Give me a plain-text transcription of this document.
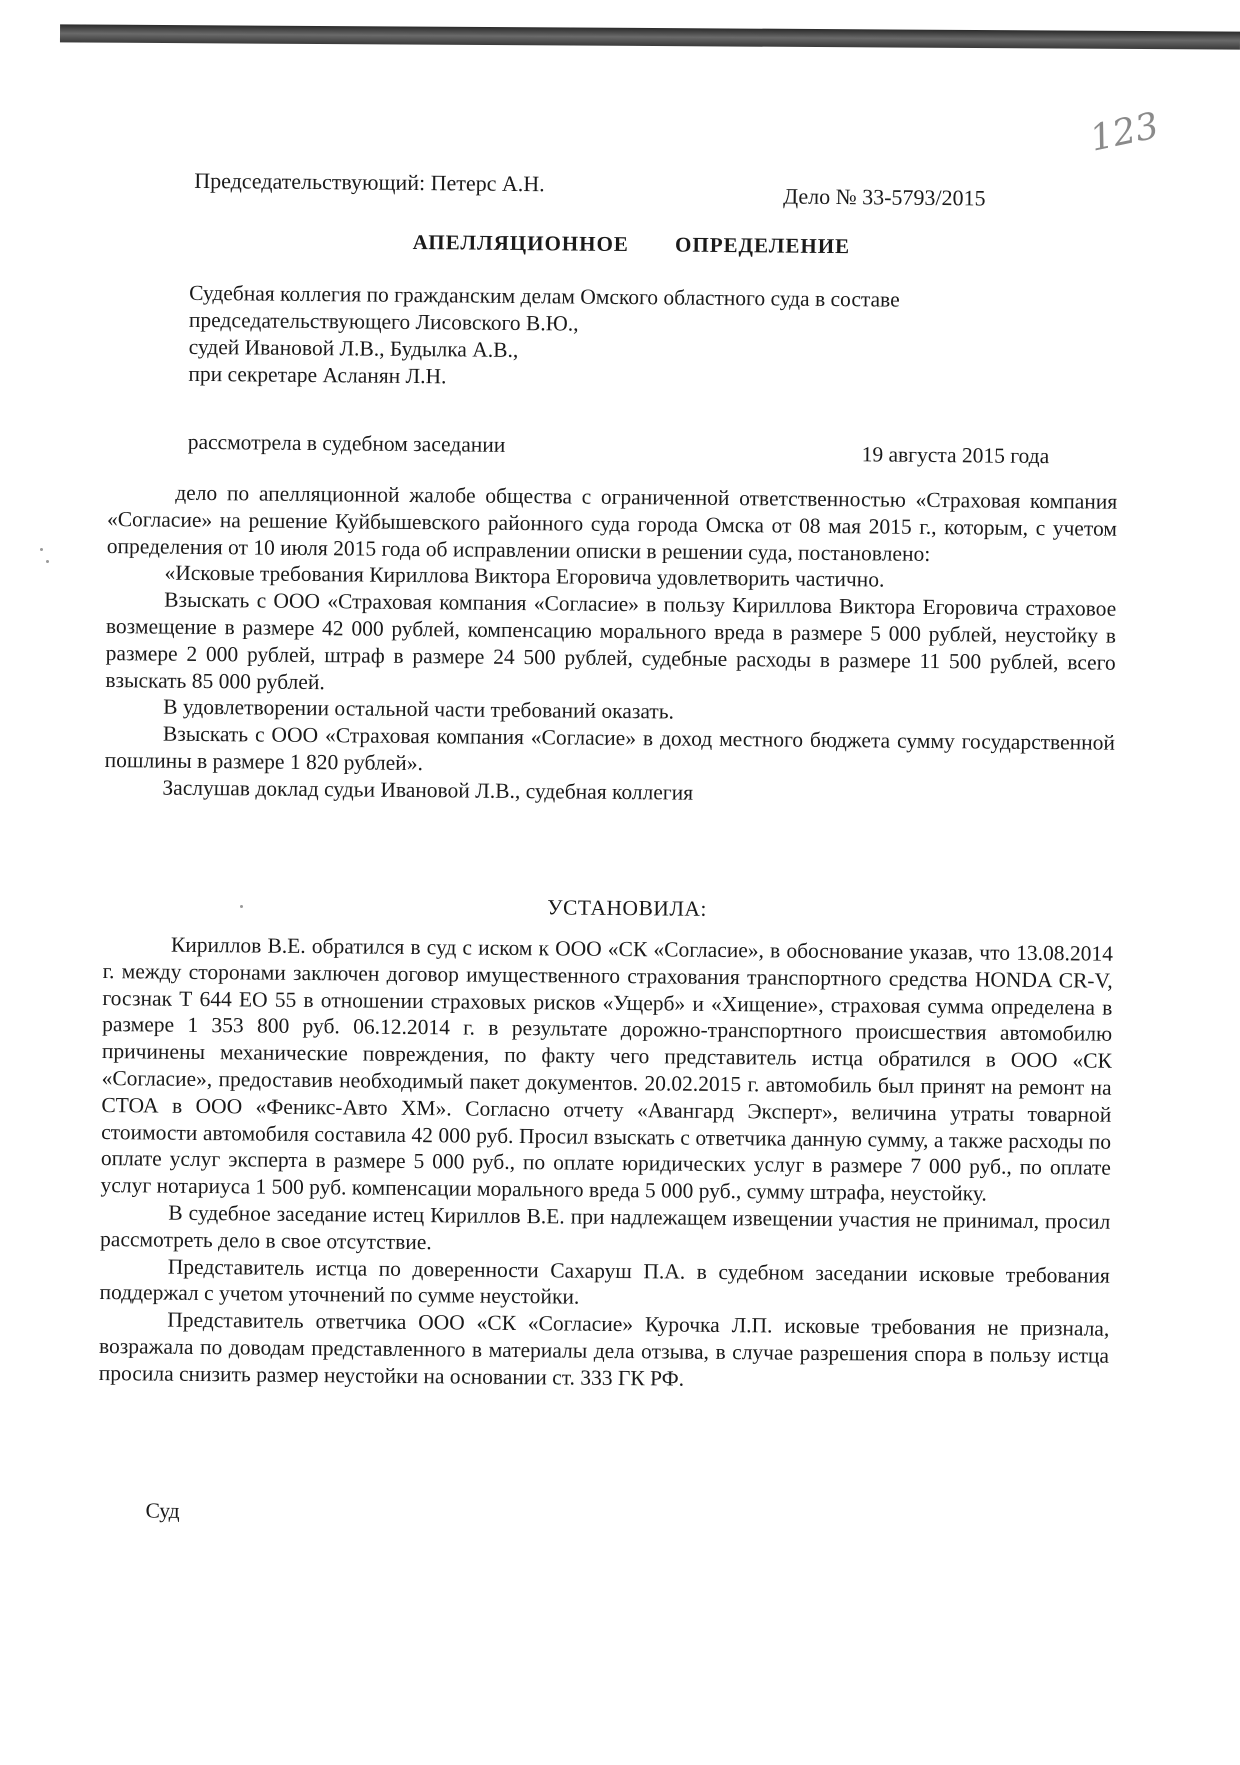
123
Председательствующий: Петерс А.Н.
Дело № 33-5793/2015
АПЕЛЛЯЦИОННОЕ ОПРЕДЕЛЕНИЕ
Судебная коллегия по гражданским делам Омского областного суда в составе
председательствующего Лисовского В.Ю.,
судей Ивановой Л.В., Будылка А.В.,
при секретаре Асланян Л.Н.
рассмотрела в судебном заседании	19 августа 2015 года

дело по апелляционной жалобе общества с ограниченной ответственностью «Страховая компания «Согласие» на решение Куйбышевского районного суда города Омска от 08 мая 2015 г., которым, с учетом определения от 10 июля 2015 года об исправлении описки в решении суда, постановлено:

«Исковые требования Кириллова Виктора Егоровича удовлетворить частично.

Взыскать с ООО «Страховая компания «Согласие» в пользу Кириллова Виктора Егоровича страховое возмещение в размере 42 000 рублей, компенсацию морального вреда в размере 5 000 рублей, неустойку в размере 2 000 рублей, штраф в размере 24 500 рублей, судебные расходы в размере 11 500 рублей, всего взыскать 85 000 рублей.

В удовлетворении остальной части требований оказать.

Взыскать с ООО «Страховая компания «Согласие» в доход местного бюджета сумму государственной пошлины в размере 1 820 рублей».

Заслушав доклад судьи Ивановой Л.В., судебная коллегия

УСТАНОВИЛА:

Кириллов В.Е. обратился в суд с иском к ООО «СК «Согласие», в обоснование указав, что 13.08.2014 г. между сторонами заключен договор имущественного страхования транспортного средства HONDA CR-V, госзнак Т 644 ЕО 55 в отношении страховых рисков «Ущерб» и «Хищение», страховая сумма определена в размере 1 353 800 руб. 06.12.2014 г. в результате дорожно-транспортного происшествия автомобилю причинены механические повреждения, по факту чего представитель истца обратился в ООО «СК «Согласие», предоставив необходимый пакет документов. 20.02.2015 г. автомобиль был принят на ремонт на СТОА в ООО «Феникс-Авто ХМ». Согласно отчету «Авангард Эксперт», величина утраты товарной стоимости автомобиля составила 42 000 руб. Просил взыскать с ответчика данную сумму, а также расходы по оплате услуг эксперта в размере 5 000 руб., по оплате юридических услуг в размере 7 000 руб., по оплате услуг нотариуса 1 500 руб. компенсации морального вреда 5 000 руб., сумму штрафа, неустойку.

В судебное заседание истец Кириллов В.Е. при надлежащем извещении участия не принимал, просил рассмотреть дело в свое отсутствие.

Представитель истца по доверенности Сахаруш П.А. в судебном заседании исковые требования поддержал с учетом уточнений по сумме неустойки.

Представитель ответчика ООО «СК «Согласие» Курочка Л.П. исковые требования не признала, возражала по доводам представленного в материалы дела отзыва, в случае разрешения спора в пользу истца просила снизить размер неустойки на основании ст. 333 ГК РФ.

Суд
